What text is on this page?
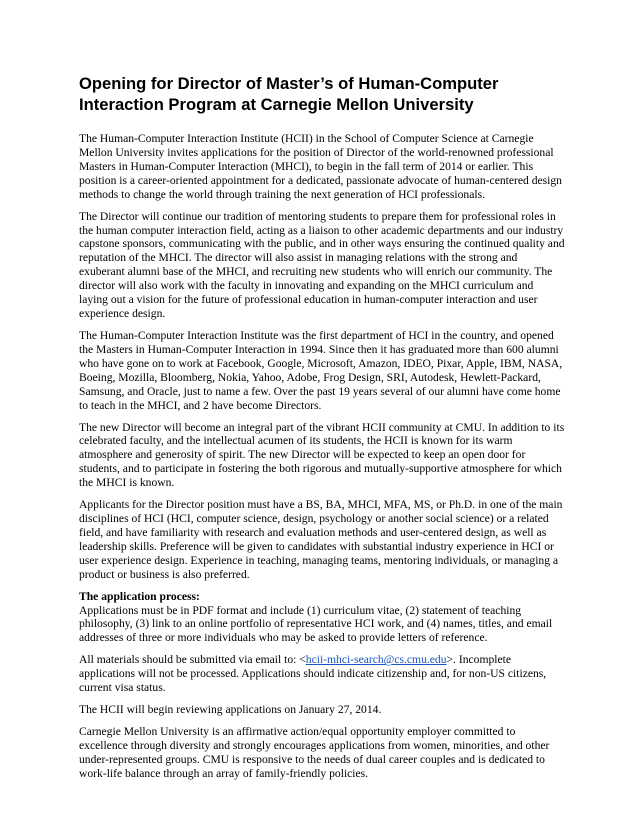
Opening for Director of Master’s of Human-Computer Interaction Program at Carnegie Mellon University

The Human-Computer Interaction Institute (HCII) in the School of Computer Science at Carnegie Mellon University invites applications for the position of Director of the world-renowned professional Masters in Human-Computer Interaction (MHCI), to begin in the fall term of 2014 or earlier. This position is a career-oriented appointment for a dedicated, passionate advocate of human-centered design methods to change the world through training the next generation of HCI professionals.

The Director will continue our tradition of mentoring students to prepare them for professional roles in the human computer interaction field, acting as a liaison to other academic departments and our industry capstone sponsors, communicating with the public, and in other ways ensuring the continued quality and reputation of the MHCI. The director will also assist in managing relations with the strong and exuberant alumni base of the MHCI, and recruiting new students who will enrich our community. The director will also work with the faculty in innovating and expanding on the MHCI curriculum and laying out a vision for the future of professional education in human-computer interaction and user experience design.

The Human-Computer Interaction Institute was the first department of HCI in the country, and opened the Masters in Human-Computer Interaction in 1994. Since then it has graduated more than 600 alumni who have gone on to work at Facebook, Google, Microsoft, Amazon, IDEO, Pixar, Apple, IBM, NASA, Boeing, Mozilla, Bloomberg, Nokia, Yahoo, Adobe, Frog Design, SRI, Autodesk, Hewlett-Packard, Samsung, and Oracle, just to name a few. Over the past 19 years several of our alumni have come home to teach in the MHCI, and 2 have become Directors.

The new Director will become an integral part of the vibrant HCII community at CMU. In addition to its celebrated faculty, and the intellectual acumen of its students, the HCII is known for its warm atmosphere and generosity of spirit. The new Director will be expected to keep an open door for students, and to participate in fostering the both rigorous and mutually-supportive atmosphere for which the MHCI is known.

Applicants for the Director position must have a BS, BA, MHCI, MFA, MS, or Ph.D. in one of the main disciplines of HCI (HCI, computer science, design, psychology or another social science) or a related field, and have familiarity with research and evaluation methods and user-centered design, as well as leadership skills. Preference will be given to candidates with substantial industry experience in HCI or user experience design. Experience in teaching, managing teams, mentoring individuals, or managing a product or business is also preferred.

The application process:

Applications must be in PDF format and include (1) curriculum vitae, (2) statement of teaching philosophy, (3) link to an online portfolio of representative HCI work, and (4) names, titles, and email addresses of three or more individuals who may be asked to provide letters of reference.

All materials should be submitted via email to: <hcii-mhci-search@cs.cmu.edu>. Incomplete applications will not be processed. Applications should indicate citizenship and, for non-US citizens, current visa status.

The HCII will begin reviewing applications on January 27, 2014.

Carnegie Mellon University is an affirmative action/equal opportunity employer committed to excellence through diversity and strongly encourages applications from women, minorities, and other under-represented groups. CMU is responsive to the needs of dual career couples and is dedicated to work-life balance through an array of family-friendly policies.
